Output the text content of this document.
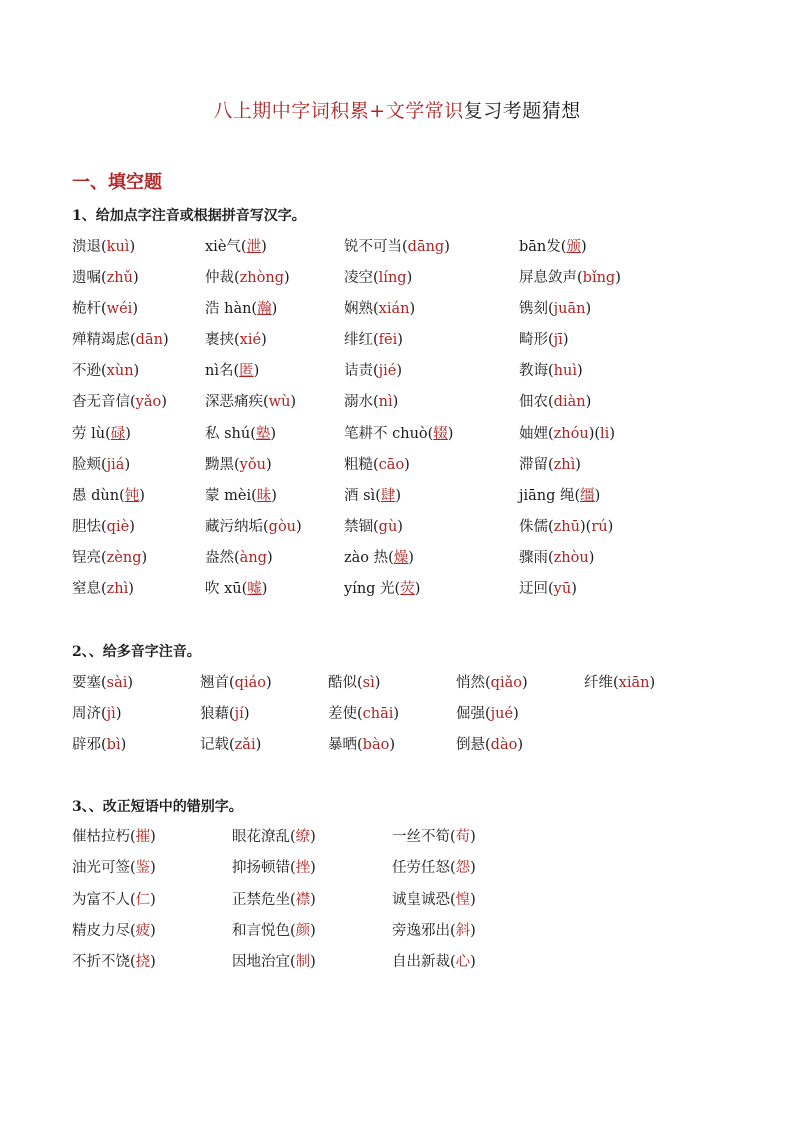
八上期中字词积累+文学常识复习考题猜想
一、填空题
1、给加点字注音或根据拼音写汉字。
溃退(kuì)	xiè气(泄)	锐不可当(dāng)	bān发(颁)
遗嘱(zhǔ)	仲裁(zhòng)	凌空(líng)	屏息敛声(bǐng)
桅杆(wéi)	浩 hàn(瀚)	娴熟(xián)	镌刻(juān)
殚精竭虑(dān)	裹挟(xié)	绯红(fēi)	畸形(jī)
不逊(xùn)	nì名(匿)	诘责(jié)	教诲(huì)
杳无音信(yǎo)	深恶痛疾(wù)	溺水(nì)	佃农(diàn)
劳 lù(碌)	私 shú(塾)	笔耕不 chuò(辍)	妯娌(zhóu)(li)
脸颊(jiá)	黝黑(yǒu)	粗糙(cāo)	滞留(zhì)
愚 dùn(钝)	蒙 mèi(昧)	酒 sì(肆)	jiāng 绳(缰)
胆怯(qiè)	藏污纳垢(gòu)	禁锢(gù)	侏儒(zhū)(rú)
锃亮(zèng)	盎然(àng)	zào 热(燥)	骤雨(zhòu)
窒息(zhì)	吹 xū(嘘)	yíng 光(荧)	迂回(yū)
2、、给多音字注音。
要塞(sài)	翘首(qiáo)	酷似(sì)	悄然(qiǎo)	纤维(xiān)
周济(jì)	狼藉(jí)	差使(chāi)	倔强(jué)
辟邪(bì)	记载(zǎi)	暴晒(bào)	倒悬(dào)
3、、改正短语中的错别字。
催枯拉朽(摧)	眼花潦乱(缭)	一丝不筍(苟)
油光可签(鉴)	抑扬顿错(挫)	任劳任怒(怨)
为富不人(仁)	正禁危坐(襟)	诚皇诚恐(惶)
精皮力尽(疲)	和言悦色(颜)	旁逸邪出(斜)
不折不饶(挠)	因地治宜(制)	自出新裁(心)
